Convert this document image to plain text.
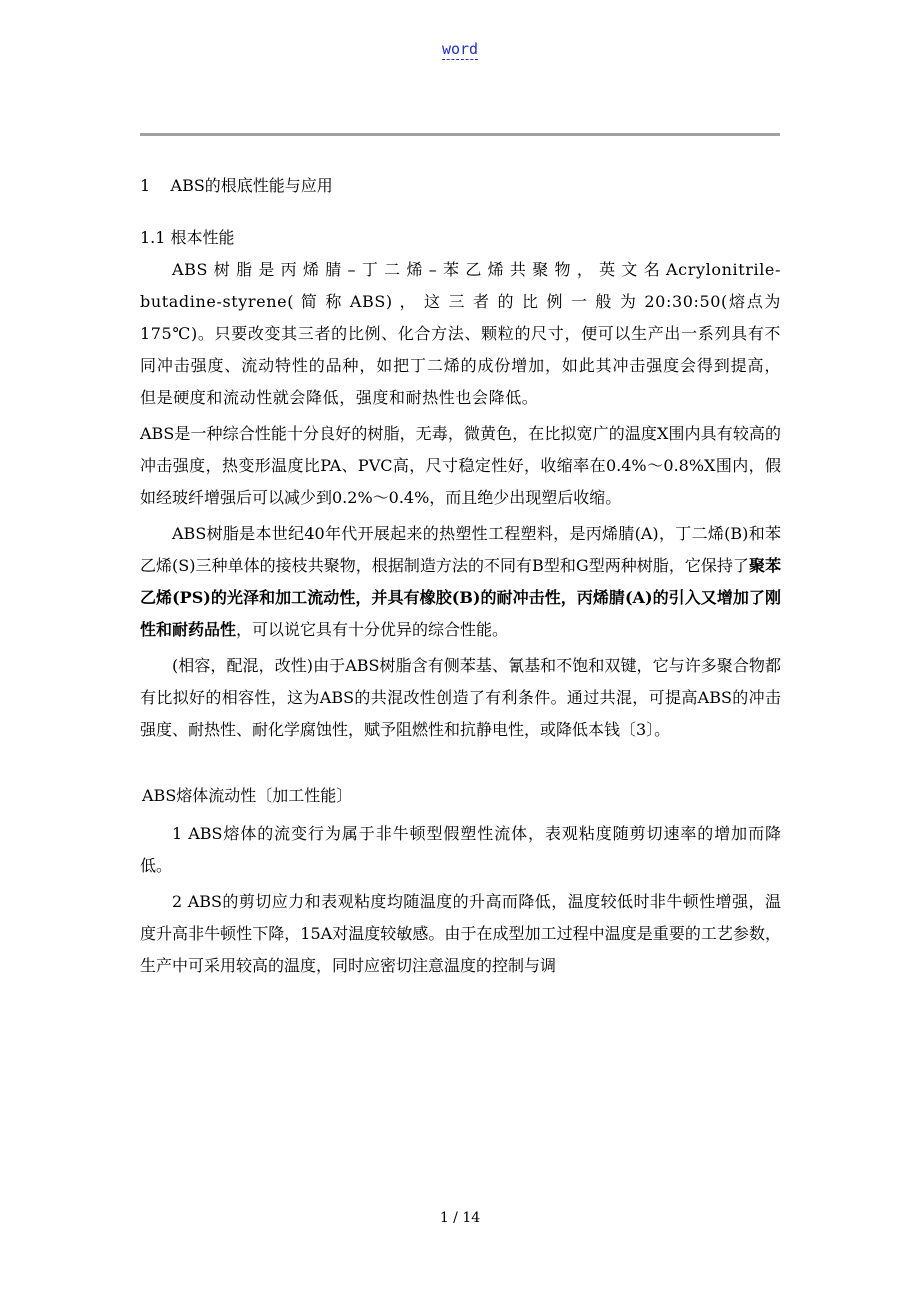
word
1 ABS的根底性能与应用
1.1 根本性能

ABS 树 脂 是 丙 烯 腈 – 丁 二 烯 – 苯 乙 烯 共 聚 物 ， 英 文 名 Acrylonitrile-butadine-styrene( 简 称 ABS) ， 这 三 者 的 比 例 一 般 为 20:30:50(熔点为175℃)。只要改变其三者的比例、化合方法、颗粒的尺寸，便可以生产出一系列具有不同冲击强度、流动特性的品种，如把丁二烯的成份增加，如此其冲击强度会得到提高，但是硬度和流动性就会降低，强度和耐热性也会降低。

ABS是一种综合性能十分良好的树脂，无毒，微黄色，在比拟宽广的温度X围内具有较高的冲击强度，热变形温度比PA、PVC高，尺寸稳定性好，收缩率在0.4%～0.8%X围内，假如经玻纤增强后可以减少到0.2%～0.4%，而且绝少出现塑后收缩。

ABS树脂是本世纪40年代开展起来的热塑性工程塑料，是丙烯腈(A)，丁二烯(B)和苯乙烯(S)三种单体的接枝共聚物，根据制造方法的不同有B型和G型两种树脂，它保持了聚苯乙烯(PS)的光泽和加工流动性，并具有橡胶(B)的耐冲击性，丙烯腈(A)的引入又增加了刚性和耐药品性，可以说它具有十分优异的综合性能。

(相容，配混，改性)由于ABS树脂含有侧苯基、氰基和不饱和双键，它与许多聚合物都有比拟好的相容性，这为ABS的共混改性创造了有利条件。通过共混，可提高ABS的冲击强度、耐热性、耐化学腐蚀性，赋予阻燃性和抗静电性，或降低本钱〔3〕。

ABS熔体流动性〔加工性能〕

1 ABS熔体的流变行为属于非牛顿型假塑性流体，表观粘度随剪切速率的增加而降低。

2 ABS的剪切应力和表观粘度均随温度的升高而降低，温度较低时非牛顿性增强，温度升高非牛顿性下降，15A对温度较敏感。由于在成型加工过程中温度是重要的工艺参数，生产中可采用较高的温度，同时应密切注意温度的控制与调

1 / 14
